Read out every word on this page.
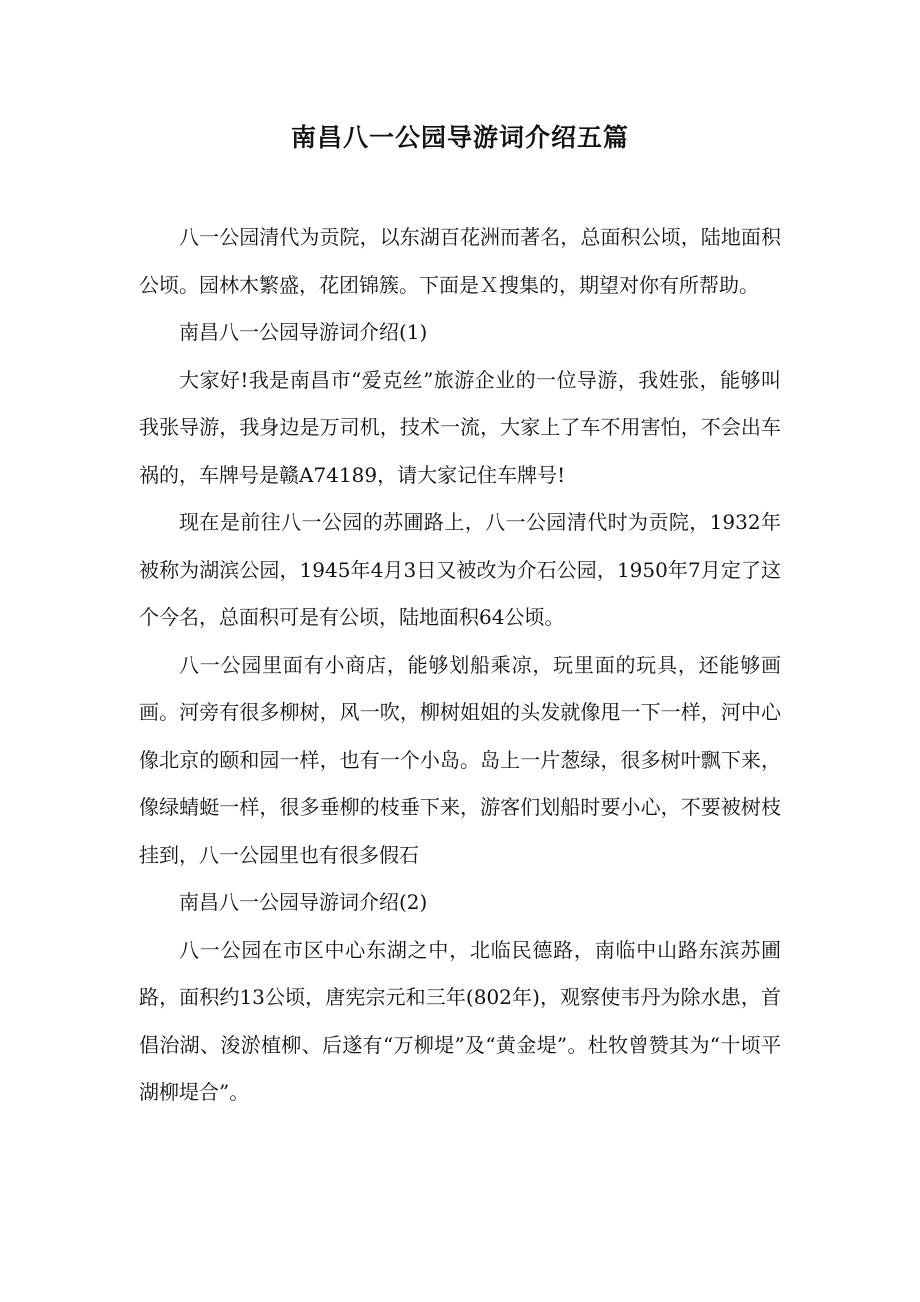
南昌八一公园导游词介绍五篇

八一公园清代为贡院，以东湖百花洲而著名，总面积公顷，陆地面积公顷。园林木繁盛，花团锦簇。下面是Ｘ搜集的，期望对你有所帮助。

南昌八一公园导游词介绍(1)

大家好!我是南昌市“爱克丝”旅游企业的一位导游，我姓张，能够叫我张导游，我身边是万司机，技术一流，大家上了车不用害怕，不会出车祸的，车牌号是赣A74189，请大家记住车牌号!

现在是前往八一公园的苏圃路上，八一公园清代时为贡院，1932年被称为湖滨公园，1945年4月3日又被改为介石公园，1950年7月定了这个今名，总面积可是有公顷，陆地面积64公顷。

八一公园里面有小商店，能够划船乘凉，玩里面的玩具，还能够画画。河旁有很多柳树，风一吹，柳树姐姐的头发就像甩一下一样，河中心像北京的颐和园一样，也有一个小岛。岛上一片葱绿，很多树叶飘下来，像绿蜻蜓一样，很多垂柳的枝垂下来，游客们划船时要小心，不要被树枝挂到，八一公园里也有很多假石

南昌八一公园导游词介绍(2)

八一公园在市区中心东湖之中，北临民德路，南临中山路东滨苏圃路，面积约13公顷，唐宪宗元和三年(802年)，观察使韦丹为除水患，首倡治湖、浚淤植柳、后遂有“万柳堤”及“黄金堤”。杜牧曾赞其为“十顷平湖柳堤合”。
